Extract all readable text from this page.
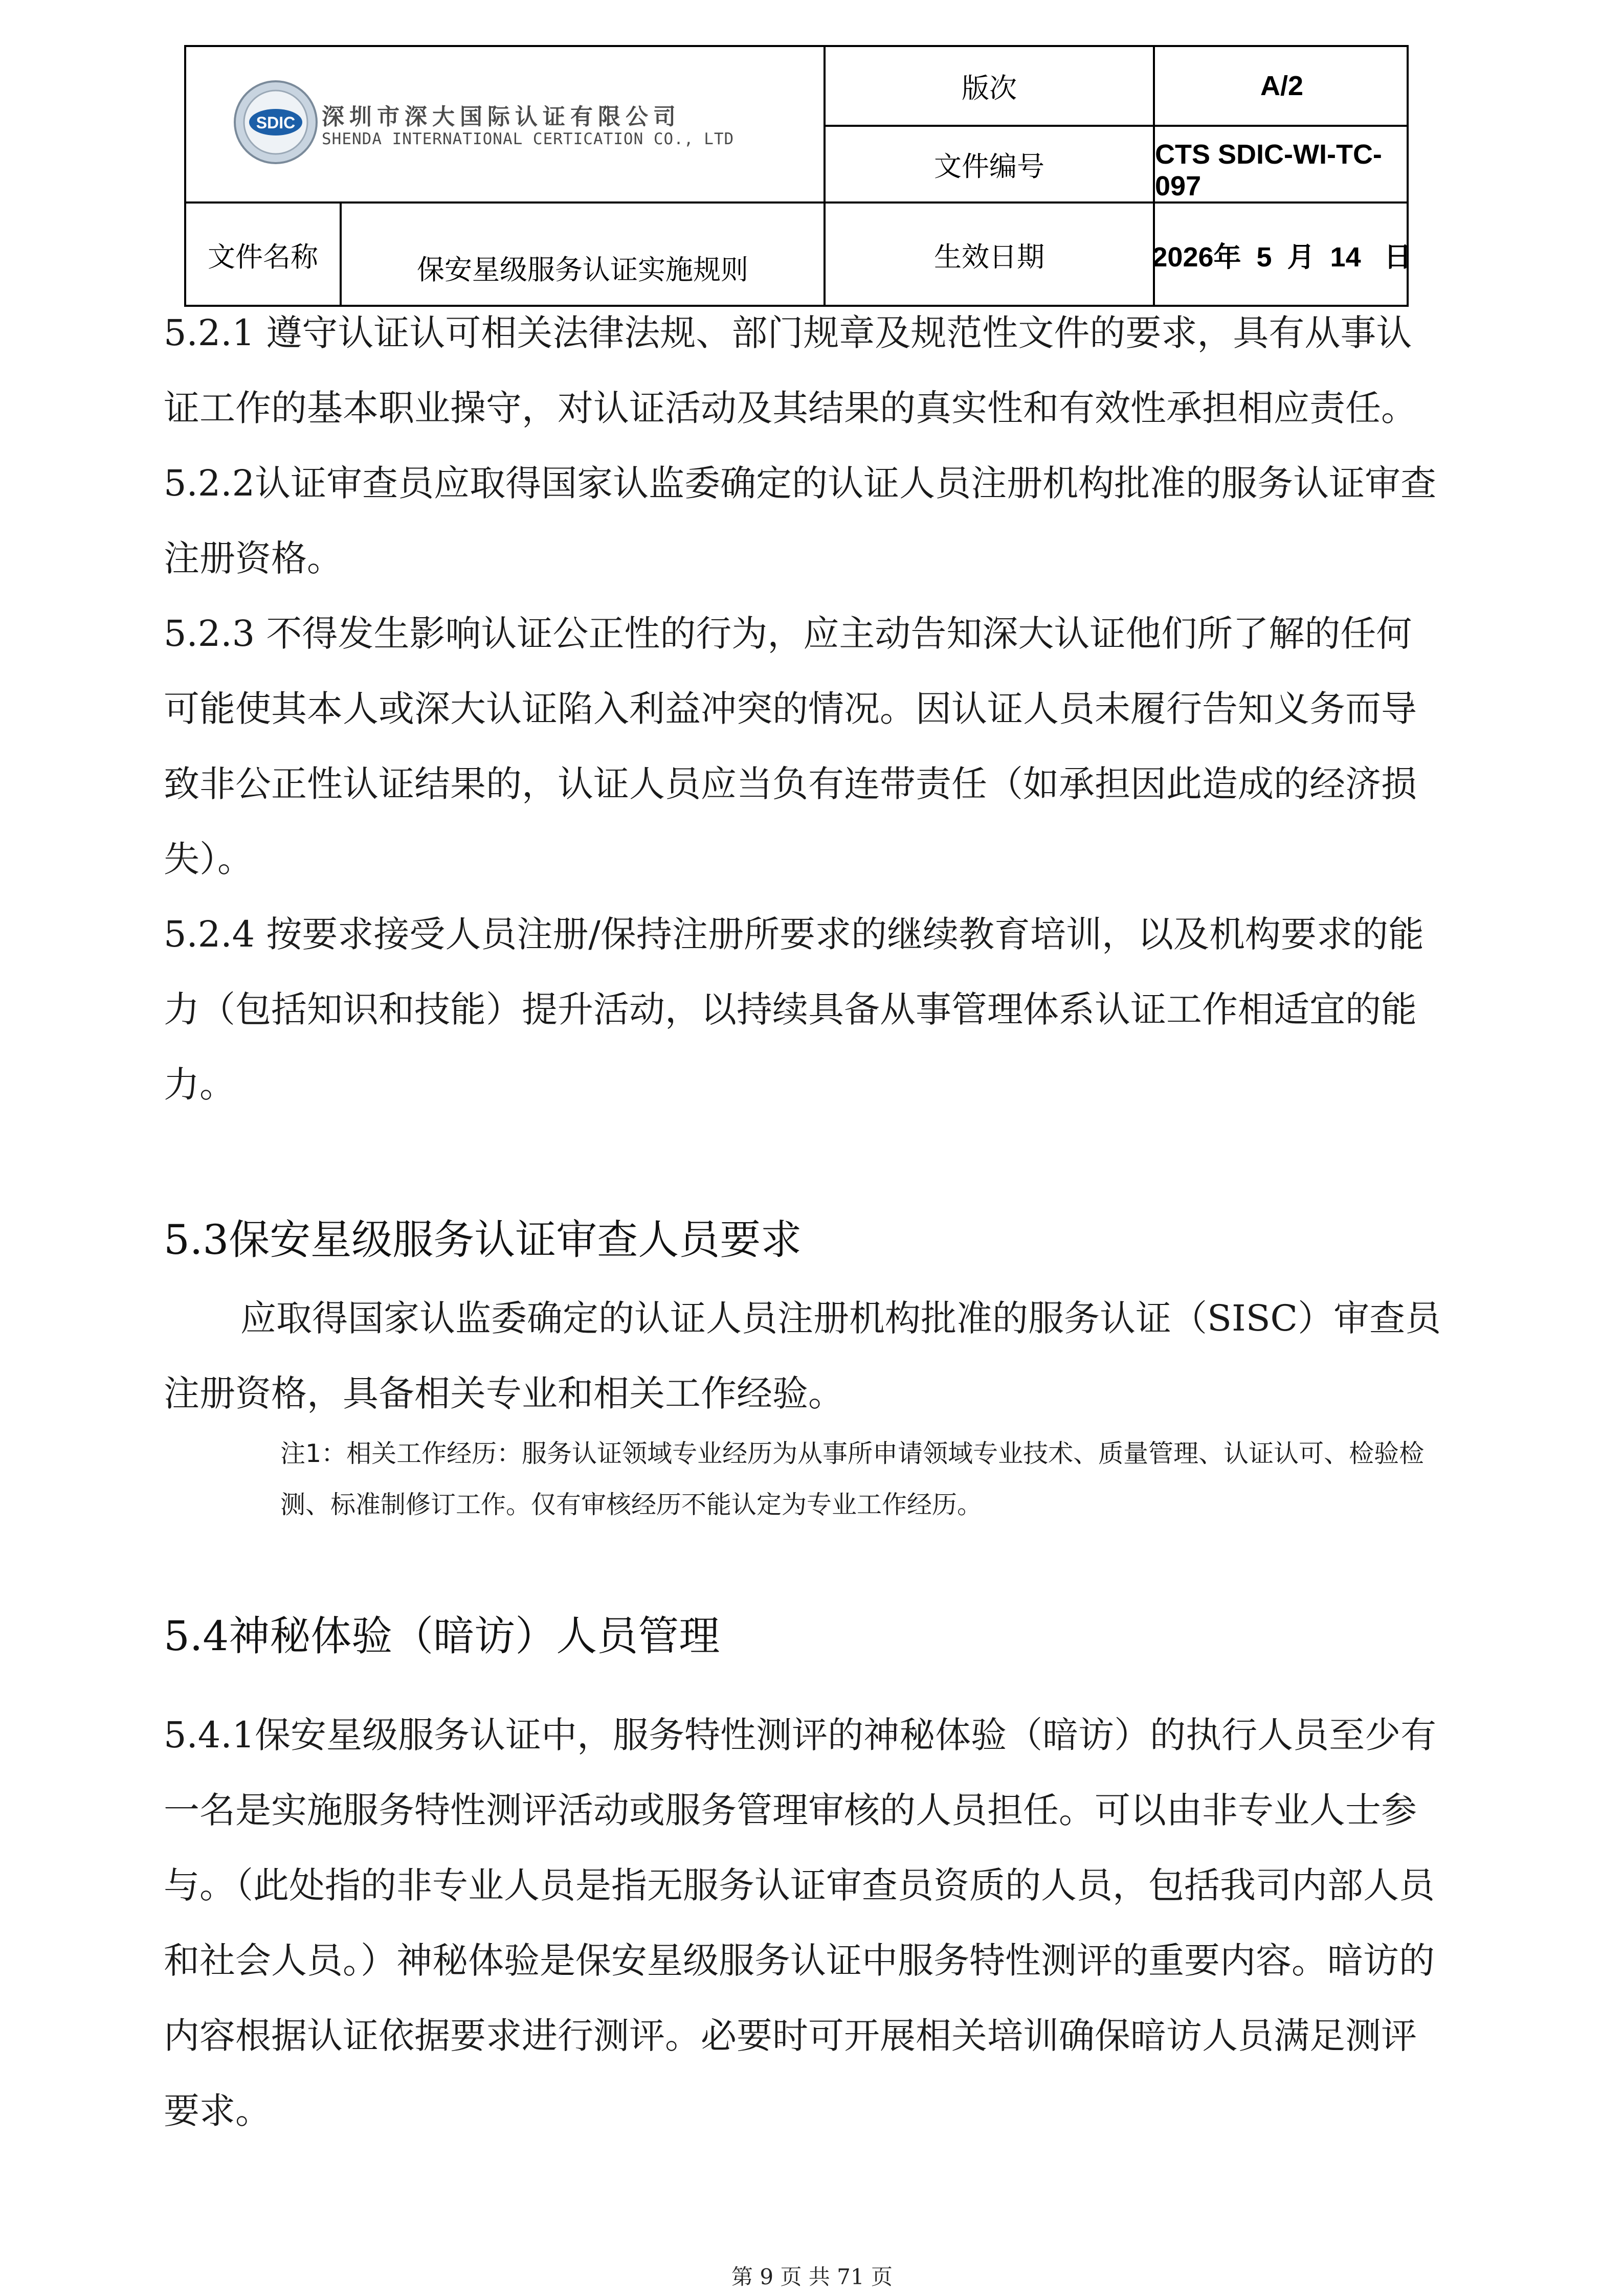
SDIC 深圳市深大国际认证有限公司
SHENDA INTERNATIONAL CERTICATION CO., LTD
版次	A/2
文件编号	CTS SDIC-WI-TC-097
文件名称	保安星级服务认证实施规则	生效日期	2026年  5  月  14   日

5.2.1 遵守认证认可相关法律法规、部门规章及规范性文件的要求，具有从事认证工作的基本职业操守，对认证活动及其结果的真实性和有效性承担相应责任。

5.2.2认证审查员应取得国家认监委确定的认证人员注册机构批准的服务认证审查注册资格。

5.2.3 不得发生影响认证公正性的行为，应主动告知深大认证他们所了解的任何可能使其本人或深大认证陷入利益冲突的情况。因认证人员未履行告知义务而导致非公正性认证结果的，认证人员应当负有连带责任（如承担因此造成的经济损失）。

5.2.4 按要求接受人员注册/保持注册所要求的继续教育培训，以及机构要求的能力（包括知识和技能）提升活动，以持续具备从事管理体系认证工作相适宜的能力。

5.3保安星级服务认证审查人员要求

应取得国家认监委确定的认证人员注册机构批准的服务认证（SISC）审查员注册资格，具备相关专业和相关工作经验。

注1：相关工作经历：服务认证领域专业经历为从事所申请领域专业技术、质量管理、认证认可、检验检测、标准制修订工作。仅有审核经历不能认定为专业工作经历。
5.4神秘体验（暗访）人员管理

5.4.1保安星级服务认证中，服务特性测评的神秘体验（暗访）的执行人员至少有一名是实施服务特性测评活动或服务管理审核的人员担任。可以由非专业人士参与。（此处指的非专业人员是指无服务认证审查员资质的人员，包括我司内部人员和社会人员。）神秘体验是保安星级服务认证中服务特性测评的重要内容。暗访的内容根据认证依据要求进行测评。必要时可开展相关培训确保暗访人员满足测评要求。

第 9 页 共 71 页
